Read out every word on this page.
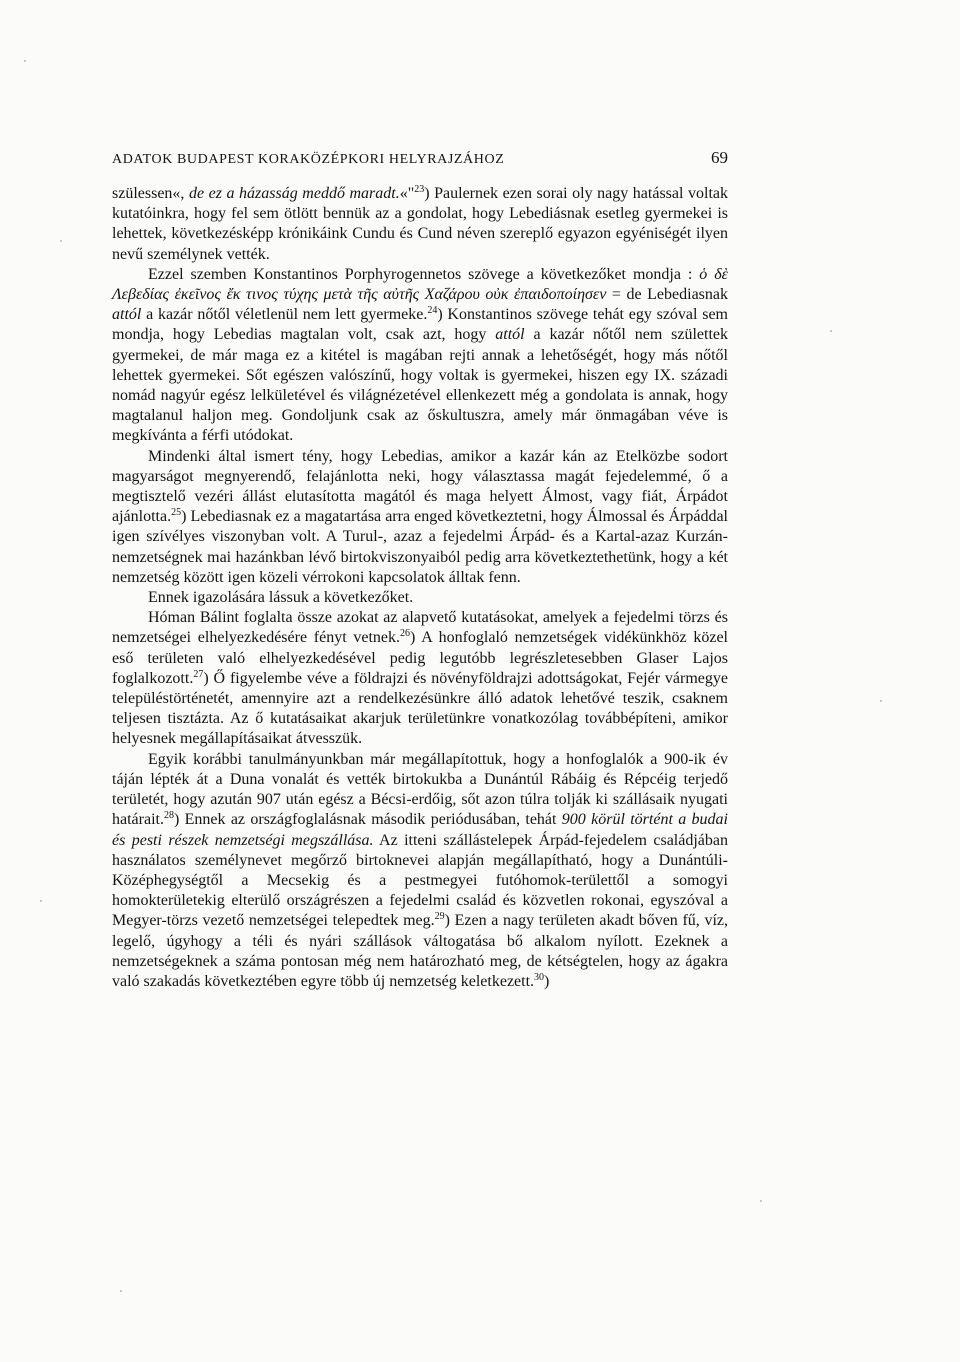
ADATOK BUDAPEST KORAKÖZÉPKORI HELYRAJZÁHOZ	69

szülessen«, de ez a házasság meddő maradt.«"$^{23}$) Paulernek ezen sorai oly nagy hatással voltak kutatóinkra, hogy fel sem ötlött bennük az a gondolat, hogy Lebediásnak esetleg gyermekei is lehettek, következésképp krónikáink Cundu és Cund néven szereplő egyazon egyéniségét ilyen nevű személynek vették.

Ezzel szemben Konstantinos Porphyrogennetos szövege a következőket mondja : ὁ δὲ Λεβεδίας ἐκεῖνος ἔκ τινος τύχης μετὰ τῆς αὐτῆς Χαζάρου οὐκ ἐπαιδοποίησεν = de Lebediasnak attól a kazár nőtől véletlenül nem lett gyermeke.$^{24}$) Konstantinos szövege tehát egy szóval sem mondja, hogy Lebedias magtalan volt, csak azt, hogy attól a kazár nőtől nem születtek gyermekei, de már maga ez a kitétel is magában rejti annak a lehetőségét, hogy más nőtől lehettek gyermekei. Sőt egészen valószínű, hogy voltak is gyermekei, hiszen egy IX. századi nomád nagyúr egész lelkületével és világnézetével ellenkezett még a gondolata is annak, hogy magtalanul haljon meg. Gondoljunk csak az őskultuszra, amely már önmagában véve is megkívánta a férfi utódokat.

Mindenki által ismert tény, hogy Lebedias, amikor a kazár kán az Etelközbe sodort magyarságot megnyerendő, felajánlotta neki, hogy választassa magát fejedelemmé, ő a megtisztelő vezéri állást elutasította magától és maga helyett Álmost, vagy fiát, Árpádot ajánlotta.$^{25}$) Lebediasnak ez a magatartása arra enged következtetni, hogy Álmossal és Árpáddal igen szívélyes viszonyban volt. A Turul-, azaz a fejedelmi Árpád- és a Kartal-azaz Kurzán-nemzetségnek mai hazánkban lévő birtokviszonyaiból pedig arra következtethetünk, hogy a két nemzetség között igen közeli vérrokoni kapcsolatok álltak fenn.

Ennek igazolására lássuk a következőket.

Hóman Bálint foglalta össze azokat az alapvető kutatásokat, amelyek a fejedelmi törzs és nemzetségei elhelyezkedésére fényt vetnek.$^{26}$) A honfoglaló nemzetségek vidékünkhöz közel eső területen való elhelyezkedésével pedig legutóbb legrészletesebben Glaser Lajos foglalkozott.$^{27}$) Ő figyelembe véve a földrajzi és növényföldrajzi adottságokat, Fejér vármegye településtörténetét, amennyire azt a rendelkezésünkre álló adatok lehetővé teszik, csaknem teljesen tisztázta. Az ő kutatásaikat akarjuk területünkre vonatkozólag továbbépíteni, amikor helyesnek megállapításaikat átvesszük.

Egyik korábbi tanulmányunkban már megállapítottuk, hogy a honfoglalók a 900-ik év táján lépték át a Duna vonalát és vették birtokukba a Dunántúl Rábáig és Répcéig terjedő területét, hogy azután 907 után egész a Bécsi-erdőig, sőt azon túlra tolják ki szállásaik nyugati határait.$^{28}$) Ennek az országfoglalásnak második periódusában, tehát 900 körül történt a budai és pesti részek nemzetségi megszállása. Az itteni szállástelepek Árpád-fejedelem családjában használatos személynevet megőrző birtoknevei alapján megállapítható, hogy a Dunántúli-Középhegységtől a Mecsekig és a pestmegyei futóhomok-területtől a somogyi homokterületekig elterülő országrészen a fejedelmi család és közvetlen rokonai, egyszóval a Megyer-törzs vezető nemzetségei telepedtek meg.$^{29}$) Ezen a nagy területen akadt bőven fű, víz, legelő, úgyhogy a téli és nyári szállások váltogatása bő alkalom nyílott. Ezeknek a nemzetségeknek a száma pontosan még nem határozható meg, de kétségtelen, hogy az ágakra való szakadás következtében egyre több új nemzetség keletkezett.$^{30}$)
